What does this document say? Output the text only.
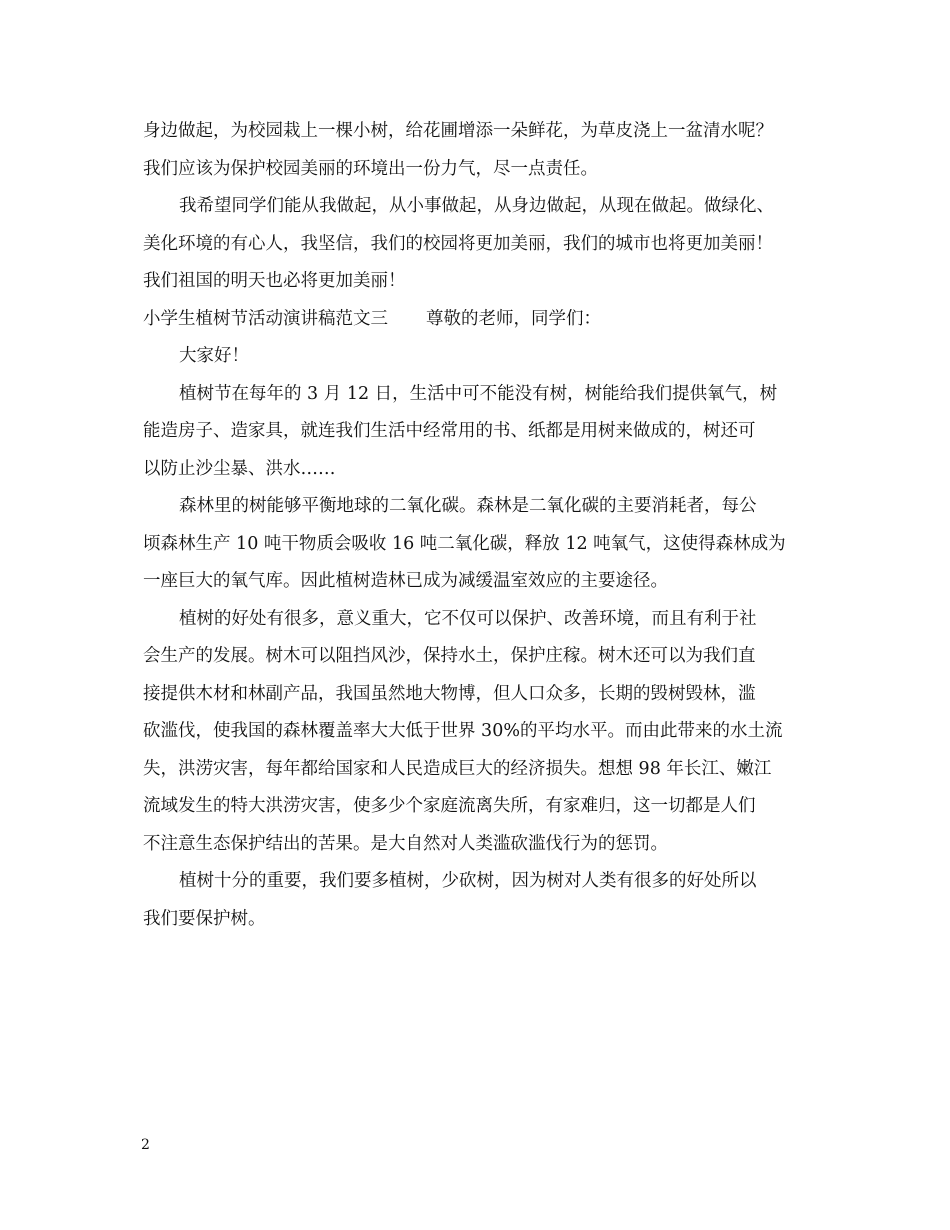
身边做起，为校园栽上一棵小树，给花圃增添一朵鲜花，为草皮浇上一盆清水呢？
我们应该为保护校园美丽的环境出一份力气，尽一点责任。
我希望同学们能从我做起，从小事做起，从身边做起，从现在做起。做绿化、
美化环境的有心人，我坚信，我们的校园将更加美丽，我们的城市也将更加美丽！
我们祖国的明天也必将更加美丽！
小学生植树节活动演讲稿范文三 尊敬的老师，同学们：
大家好！
植树节在每年的 3 月 12 日，生活中可不能没有树，树能给我们提供氧气，树
能造房子、造家具，就连我们生活中经常用的书、纸都是用树来做成的，树还可
以防止沙尘暴、洪水……
森林里的树能够平衡地球的二氧化碳。森林是二氧化碳的主要消耗者，每公
顷森林生产 10 吨干物质会吸收 16 吨二氧化碳，释放 12 吨氧气，这使得森林成为
一座巨大的氧气库。因此植树造林已成为减缓温室效应的主要途径。
植树的好处有很多，意义重大，它不仅可以保护、改善环境，而且有利于社
会生产的发展。树木可以阻挡风沙，保持水土，保护庄稼。树木还可以为我们直
接提供木材和林副产品，我国虽然地大物博，但人口众多，长期的毁树毁林，滥
砍滥伐，使我国的森林覆盖率大大低于世界 30%的平均水平。而由此带来的水土流
失，洪涝灾害，每年都给国家和人民造成巨大的经济损失。想想 98 年长江、嫩江
流域发生的特大洪涝灾害，使多少个家庭流离失所，有家难归，这一切都是人们
不注意生态保护结出的苦果。是大自然对人类滥砍滥伐行为的惩罚。
植树十分的重要，我们要多植树，少砍树，因为树对人类有很多的好处所以
我们要保护树。
2
